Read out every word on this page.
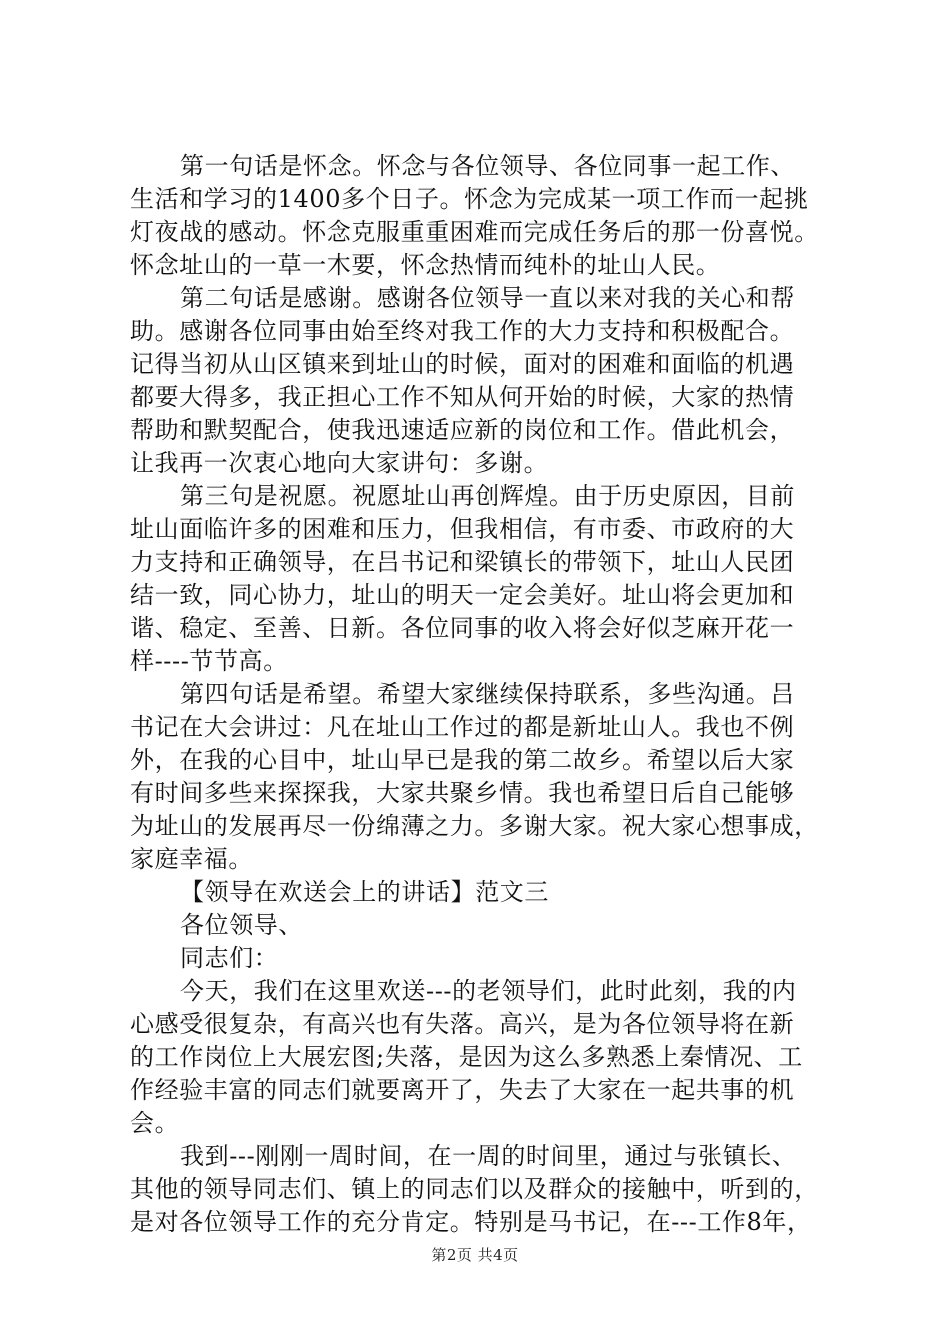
第一句话是怀念。怀念与各位领导、各位同事一起工作、
生活和学习的1400多个日子。怀念为完成某一项工作而一起挑
灯夜战的感动。怀念克服重重困难而完成任务后的那一份喜悦。
怀念址山的一草一木要，怀念热情而纯朴的址山人民。
第二句话是感谢。感谢各位领导一直以来对我的关心和帮
助。感谢各位同事由始至终对我工作的大力支持和积极配合。
记得当初从山区镇来到址山的时候，面对的困难和面临的机遇
都要大得多，我正担心工作不知从何开始的时候，大家的热情
帮助和默契配合，使我迅速适应新的岗位和工作。借此机会，
让我再一次衷心地向大家讲句：多谢。
第三句是祝愿。祝愿址山再创辉煌。由于历史原因，目前
址山面临许多的困难和压力，但我相信，有市委、市政府的大
力支持和正确领导，在吕书记和梁镇长的带领下，址山人民团
结一致，同心协力，址山的明天一定会美好。址山将会更加和
谐、稳定、至善、日新。各位同事的收入将会好似芝麻开花一
样----节节高。
第四句话是希望。希望大家继续保持联系，多些沟通。吕
书记在大会讲过：凡在址山工作过的都是新址山人。我也不例
外，在我的心目中，址山早已是我的第二故乡。希望以后大家
有时间多些来探探我，大家共聚乡情。我也希望日后自己能够
为址山的发展再尽一份绵薄之力。多谢大家。祝大家心想事成，
家庭幸福。
【领导在欢送会上的讲话】范文三
各位领导、
同志们：
今天，我们在这里欢送---的老领导们，此时此刻，我的内
心感受很复杂，有高兴也有失落。高兴，是为各位领导将在新
的工作岗位上大展宏图;失落，是因为这么多熟悉上秦情况、工
作经验丰富的同志们就要离开了，失去了大家在一起共事的机
会。
我到---刚刚一周时间，在一周的时间里，通过与张镇长、
其他的领导同志们、镇上的同志们以及群众的接触中，听到的，
是对各位领导工作的充分肯定。特别是马书记，在---工作8年，
第2页 共4页
